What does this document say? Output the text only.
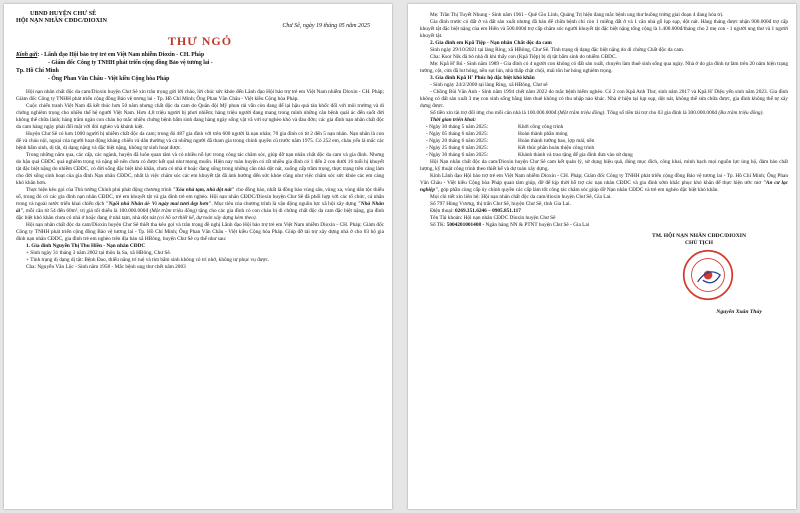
UBND HUYỆN CHƯ SÊ
HỘI NẠN NHÂN CĐDC/DIOXIN
Chư Sê, ngày 19 tháng 05 năm 2025
THƯ NGỎ
Kính gửi: - Lãnh đạo Hội bảo trợ trẻ em Việt Nam nhiễm Dioxin - CH. Pháp
- Giám đốc Công ty TNHH phát triển cộng đồng Bảo vệ tương lai -
Tp. Hồ Chí Minh
- Ông Phan Văn Châu - Việt kiều Cộng hòa Pháp

Hội nạn nhân chất độc da cam/Dioxin huyện Chư Sê xin trân trọng gửi lời chào, lời chúc sức khỏe đến Lãnh đạo Hội bảo trợ trẻ em Việt Nam nhiễm Dioxin - CH. Pháp; Giám đốc Công ty TNHH phát triển cộng đồng Bảo vệ tương lai - Tp. Hồ Chí Minh; Ông Phan Văn Châu - Việt kiều Cộng hòa Pháp.

Cuộc chiến tranh Việt Nam đã kết thúc hơn 50 năm nhưng chất độc da cam do Quân đội Mỹ phun rải vẫn còn đang để lại hậu quả tàn khốc đối với môi trường và di chứng nghiêm trọng cho nhiều thế hệ người Việt Nam. Hơn 4,8 triệu người bị phơi nhiễm; hàng triệu người đang mang trong mình những căn bệnh quái ác đến suốt đời không thể chữa lành; hàng trăm ngàn con cháu họ mắc nhiều chứng bệnh bẩm sinh đang hàng ngày sống vật vã với sự nghèo khó và đau đớn; các gia đình nạn nhân chất độc da cam hàng ngày phải đối mặt với đói nghèo và khánh kiệt.

Huyện Chư Sê có hơn 1000 người bị nhiễm chất độc da cam; trong đó 487 gia đình với trên 600 người là nạn nhân; 70 gia đình có từ 2 đến 5 nạn nhân. Nạn nhân là con để và cháu nội, ngoại của người hoạt động kháng chiến và dân thường và cả những người đã tham gia trong chính quyền cũ trước năm 1975. Có 252 em, cháu yếu là mắc các bệnh bẩm sinh, dị tật, dị dạng nặng và đặc biệt nặng, không tự sinh hoạt được.

Trong những năm qua, các cấp, các ngành, huyện đã luôn quan tâm và có nhiều nỗ lực trong công tác chăm sóc, giúp đỡ nạn nhân chất độc da cam và gia đình. Nhưng do hậu quả CĐDC quá nghiêm trọng và nặng nề nên chưa có được kết quả như mong muốn. Hiện nay toàn huyện có rất nhiều gia đình có 1 đến 2 con dưới 16 tuổi bị khuyết tật đặc biệt nặng do nhiễm CĐDC, có đời sống đặc biệt khó khăn, chưa có nhà ở hoặc đang sống trong những căn nhà dột nát, xuống cấp trầm trọng, thực trạng trên càng làm cho đời sống sinh hoạt của gia đình Nạn nhân CĐDC, nhất là việc chăm sóc các em khuyết tật đã ảnh hưởng đến sức khỏe cũng như việc chăm sóc sức khỏe các em càng khó khăn hơn.

Thực hiện kêu gọi của Thủ tướng Chính phủ phát động chương trình "Xóa nhà tạm, nhà dột nát" cho đồng bào, nhất là đồng bào vùng sâu, vùng xa, vùng dân tộc thiểu số, trong đó có các gia đình nạn nhân CĐDC, trẻ em khuyết tật và gia đình trẻ em nghèo. Hội nạn nhân CĐDC/Dioxin huyện Chư Sê đã phối hợp với các tổ chức, cá nhân trong và ngoài nước triển khai chiến dịch "Ngôi nhà Nhân ái- Vì ngày mai tươi đẹp hơn". Mục tiêu của chương trình là vận động nguồn lực xã hội xây dựng "Nhà Nhân ái", mỗi căn từ 54 đến 60m², trị giá tối thiểu là 100.000.000đ (Một trăm triệu đồng) tặng cho các gia đình có con cháu bị di chứng chất độc da cam đặc biệt nặng, gia đình đặc biệt khó khăn chưa có nhà ở hoặc đang ở nhà tạm, nhà dột nát (có hồ sơ thiết kế, dự toán xây dựng kèm theo).

Hội nạn nhân chất độc da cam/Dioxin huyện Chư Sê thiết tha kêu gọi và trân trọng đề nghị Lãnh đạo Hội bảo trợ trẻ em Việt Nam nhiễm Dioxin - CH. Pháp; Giám đốc Công ty TNHH phát triển cộng đồng Bảo vệ tương lai - Tp. Hồ Chí Minh; Ông Phan Văn Châu - Việt kiều Cộng hòa Pháp. Giúp đỡ tài trợ xây dựng nhà ở cho 03 hộ gia đình nạn nhân CĐDC, gia đình trẻ em nghèo trên địa bàn xã HBông, huyện Chư Sê cụ thể như sau:

1. Gia đình Nguyễn Thị Thu Hiền - Nạn nhân CĐDC

+ Sinh ngày 31 tháng 3 năm 2002 tại thôn Ia Sa, xã HBông, Chư Sê.

+ Tình trạng dị dạng dị tật: Bệnh Đao, thiểu năng trí tuệ và tim bẩm sinh không có trí nhớ, không tự phục vụ được.

Cha: Nguyễn Văn Lộc - Sinh năm 1958 - Mắc bệnh ung thư chết năm 2003

Mẹ: Trần Thị Tuyết Nhung - Sinh năm 1961 - Quê Gio Linh, Quảng Trị hiện đang mắc bệnh ung thư buồng trứng giai đoạn 4 đang hóa trị.

Gia đình trước có đất ở và đất sản xuất nhưng đã bán để chữa bệnh chỉ còn 1 miếng đất ở và 1 căn nhà gỗ lụp sụp, dột nát. Hàng tháng được nhận 900.000đ trợ cấp khuyết tật đặc biệt nặng của em Hiền và 500.000đ trợ cấp chăm sóc người khuyết tật đặc biệt nặng tổng cộng là 1.400.000đ/tháng cho 2 mẹ con - 1 người ung thư và 1 người khuyết tật.

2. Gia đình em Kpă Tiệp - Nạn nhân Chất độc da cam

Sinh ngày 29/10/2021 tại làng Ring, xã HBông, Chư Sê. Tình trạng dị dạng đặc biệt nặng do di chứng Chất độc da cam.

Cha: Ksor Nik đã bỏ nhà đi khi thấy con (Kpă Tiệp) bị dị tật bẩm sinh do nhiễm CĐDC.

Mẹ: Kpă H' Bú - Sinh năm 1989 - Gia đình có 4 người con không có đất sản xuất, chuyên làm thuê sinh sống qua ngày. Nhà ở do gia đình tự làm trên 20 năm hiện trạng tường, cột, cửa đã hư hỏng, nền sụt lún, nhà thấp chật chội, mái tôn hư hỏng nghiêm trọng.

3. Gia đình Kpă H' Phúc hộ đặc biệt khó khăn

- Sinh ngày 24/2/2000 tại làng Ring, xã HBông, Chư sê

- Chồng Bùi Văn Anh - Sinh năm 1994 chết năm 2022 do mắc bệnh hiểm nghèo. Có 2 con Kpă Anh Thư, sinh năm 2017 và Kpă H' Diệu yến sinh năm 2023. Gia đình không có đất sản xuất 3 mẹ con sinh sống bằng làm thuê không có thu nhập nào khác. Nhà ở hiện tại lụp sụp, dột nát, không thể sửa chữa được, gia đình không thể tự xây dựng được.

Số tiền xin tài trợ đối ứng cho mỗi căn nhà là 100.000.000đ (Một trăm triệu đồng). Tổng số tiền tài trợ cho 03 gia đình là 300.000.000đ (Ba trăm triệu đồng).

Thời gian triển khai:

- Ngày 30 tháng 5 năm 2025:	Khởi công công trình
- Ngày 05 tháng 6 năm 2025:	Hoàn thành phần móng
- Ngày 20 tháng 6 năm 2025:	Hoàn thành tường bao, lợp mái, nền
- Ngày 25 tháng 6 năm 2025:	Kết thúc phần hoàn thiện công trình
- Ngày 30 tháng 6 năm 2025:	Khánh thành và trao tặng để gia đình đưa vào sử dụng

Hội Nạn nhân chất độc da cam/Dioxin huyện Chư Sê cam kết quản lý, sử dụng hiệu quả, đúng mục đích, công khai, minh bạch mọi nguồn lực ủng hộ, đảm bảo chất lượng, kỹ thuật công trình theo thiết kế và dự toán xây dựng.

Kính Lãnh đạo Hội bảo trợ trẻ em Việt Nam nhiễm Dioxin - CH. Pháp; Giám đốc Công ty TNHH phát triển cộng đồng Bảo vệ tương lai - Tp. Hồ Chí Minh; Ông Phan Văn Châu - Việt kiều Cộng hòa Pháp quan tâm giúp, đỡ để kịp thời hỗ trợ các nạn nhân CĐDC và gia đình sớm khắc phục khó khăn để thực hiện ước mơ "An cư lạc nghiệp", góp phần cùng cấp ủy chính quyền các cấp làm tốt công tác chăm sóc giúp đỡ Nạn nhân CĐDC và trẻ em nghèo đặc biệt khó khăn.

Mọi chi tiết xin liên hệ: Hội nạn nhân chất độc da cam/dioxin huyện Chư Sê, Gia Lai.

Số 797 Hùng Vương, thị trấn Chư Sê, huyện Chư Sê, tỉnh Gia Lai.

Điện thoại: 0269.351.6246 – 0905.851.117

Tên Tài khoản: Hội nạn nhân CĐDC Dioxin huyện Chư Sê

Số TK: 5004201001408 - Ngân hàng NN & PTNT huyện Chư Sê - Gia Lai

TM. HỘI NẠN NHÂN CĐDC/DIOXIN
CHỦ TỊCH
Nguyễn Xuân Thủy
